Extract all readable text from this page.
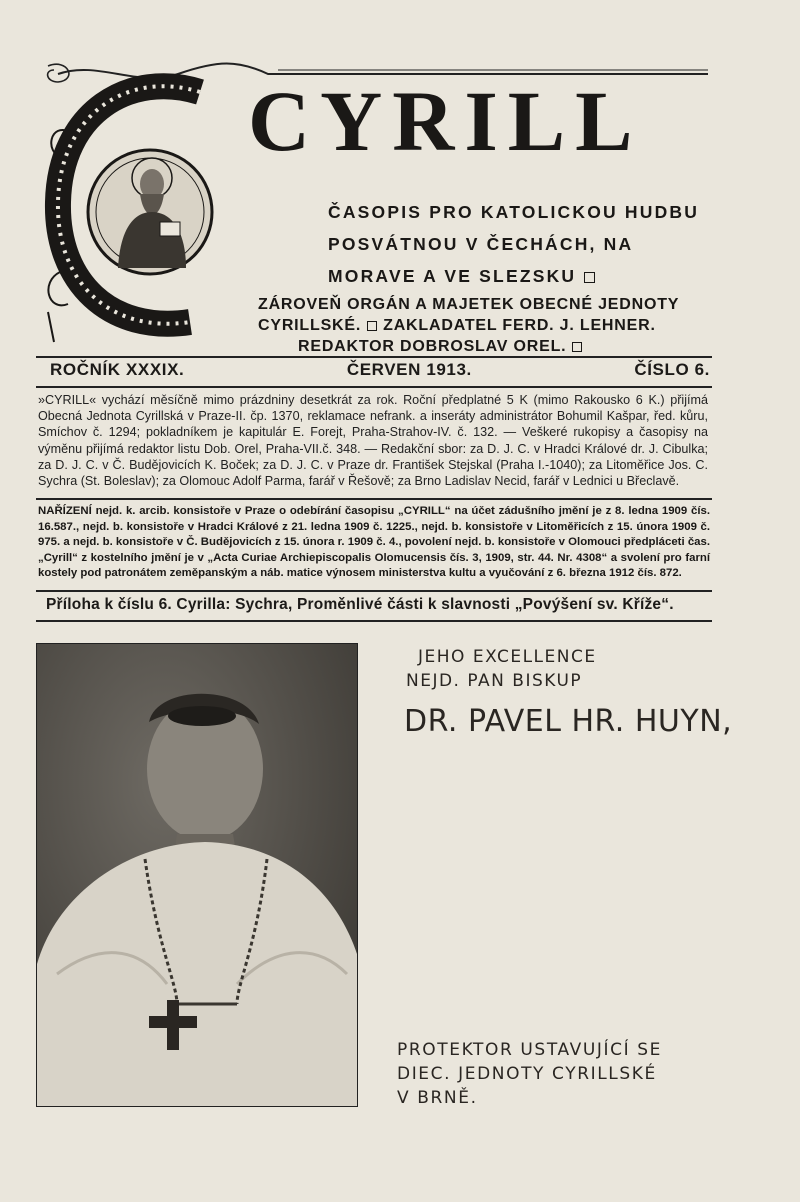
CYRILL
ČASOPIS PRO KATOLICKOU HUDBU
POSVÁTNOU V ČECHÁCH, NA
MORAVE A VE SLEZSKU
ZÁROVEŇ ORGÁN A MAJETEK OBECNÉ JEDNOTY
CYRILLSKÉ. ZAKLADATEL FERD. J. LEHNER.
REDAKTOR DOBROSLAV OREL.
ROČNÍK XXXIX.	ČERVEN 1913.	ČÍSLO 6.
»CYRILL« vychází měsíčně mimo prázdniny desetkrát za rok. Roční předplatné 5 K (mimo Rakousko 6 K.) přijímá Obecná Jednota Cyrillská v Praze-II. čp. 1370, reklamace nefrank. a inseráty administrátor Bohumil Kašpar, řed. kůru, Smíchov č. 1294; pokladníkem je kapitulár E. Forejt, Praha-Strahov-IV. č. 132. — Veškeré rukopisy a časopisy na výměnu přijímá redaktor listu Dob. Orel, Praha-VII.č. 348. — Redakční sbor: za D. J. C. v Hradci Králové dr. J. Cibulka; za D. J. C. v Č. Budějovicích K. Boček; za D. J. C. v Praze dr. František Stejskal (Praha I.-1040); za Litoměřice Jos. C. Sychra (St. Boleslav); za Olomouc Adolf Parma, farář v Řešově; za Brno Ladislav Necid, farář v Lednici u Břeclavě.
NAŘÍZENÍ nejd. k. arcib. konsistoře v Praze o odebírání časopisu „CYRILL“ na účet zádušního jmění je z 8. ledna 1909 čís. 16.587., nejd. b. konsistoře v Hradci Králové z 21. ledna 1909 č. 1225., nejd. b. konsistoře v Litoměřicích z 15. února 1909 č. 975. a nejd. b. konsistoře v Č. Budějovicích z 15. února r. 1909 č. 4., povolení nejd. b. konsistoře v Olomouci předpláceti čas. „Cyrill“ z kostelního jmění je v „Acta Curiae Archiepiscopalis Olomucensis čís. 3, 1909, str. 44. Nr. 4308“ a svolení pro farní kostely pod patronátem zeměpanským a náb. matice výnosem ministerstva kultu a vyučování z 6. března 1912 čís. 872.
Příloha k číslu 6. Cyrilla: Sychra, Proměnlivé části k slavnosti „Povýšení sv. Kříže“.
JEHO EXCELLENCE
NEJD. PAN BISKUP
DR. PAVEL HR. HUYN,
PROTEKTOR USTAVUJÍCÍ SE
DIEC. JEDNOTY CYRILLSKÉ
V BRNĚ.
